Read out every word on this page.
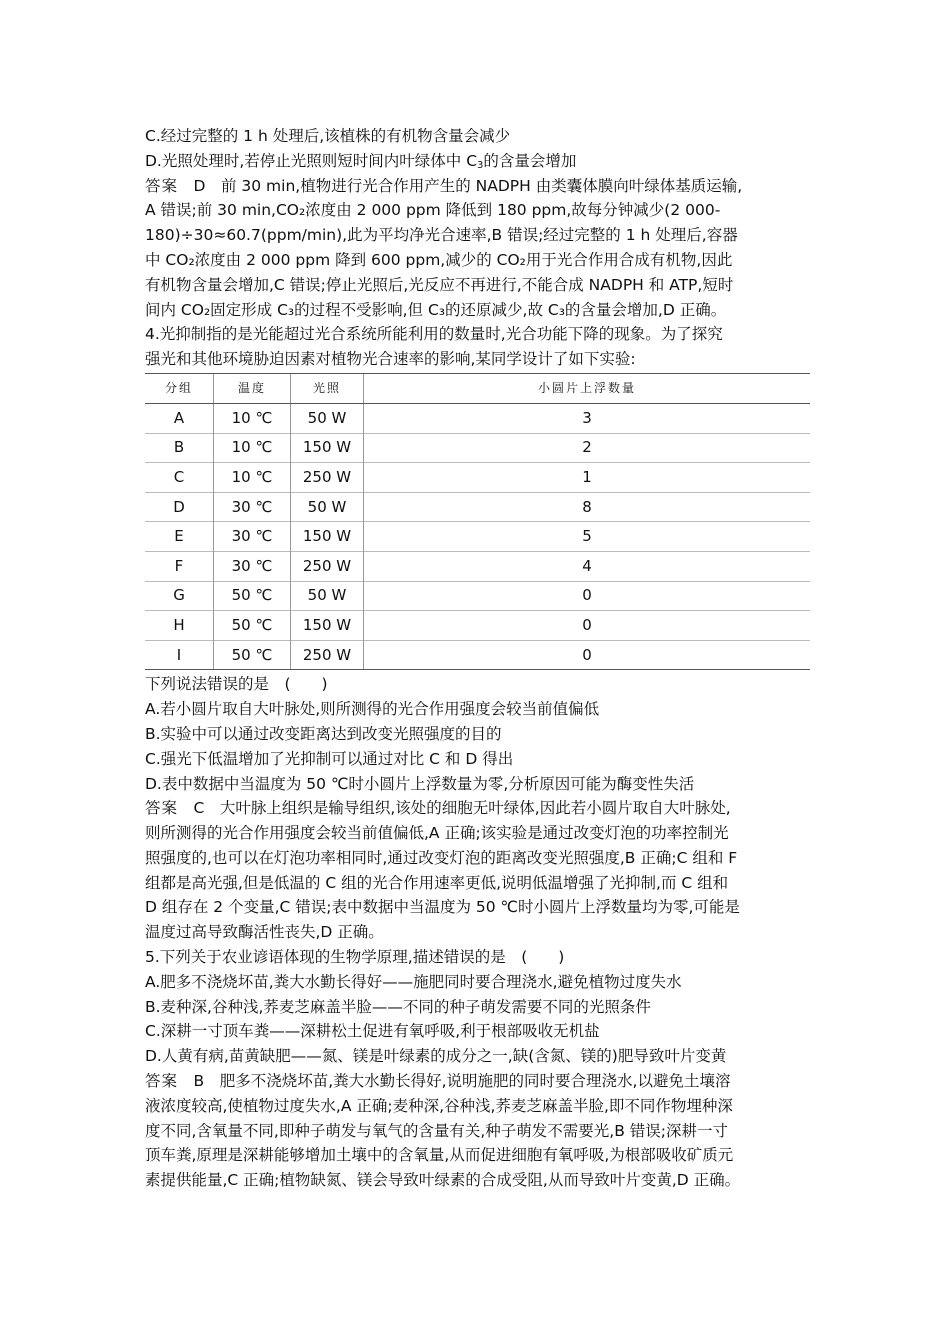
C.经过完整的 1 h 处理后,该植株的有机物含量会减少

D.光照处理时,若停止光照则短时间内叶绿体中 $C_3$的含量会增加

答案　 D　 前 30 min,植物进行光合作用产生的 NADPH 由类囊体膜向叶绿体基质运输,

A 错误;前 30 min,CO₂浓度由 2 000 ppm 降低到 180 ppm,故每分钟减少(2 000-

180)÷30≈60.7(ppm/min),此为平均净光合速率,B 错误;经过完整的 1 h 处理后,容器

中 CO₂浓度由 2 000 ppm 降到 600 ppm,减少的 CO₂用于光合作用合成有机物,因此

有机物含量会增加,C 错误;停止光照后,光反应不再进行,不能合成 NADPH 和 ATP,短时

间内 CO₂固定形成 C₃的过程不受影响,但 C₃的还原减少,故 C₃的含量会增加,D 正确。

4.光抑制指的是光能超过光合系统所能利用的数量时,光合功能下降的现象。为了探究

强光和其他环境胁迫因素对植物光合速率的影响,某同学设计了如下实验:

分组	温度	光照	小圆片上浮数量
A	10 ℃	50 W	3
B	10 ℃	150 W	2
C	10 ℃	250 W	1
D	30 ℃	50 W	8
E	30 ℃	150 W	5
F	30 ℃	250 W	4
G	50 ℃	50 W	0
H	50 ℃	150 W	0
I	50 ℃	250 W	0

下列说法错误的是　(　　)

A.若小圆片取自大叶脉处,则所测得的光合作用强度会较当前值偏低

B.实验中可以通过改变距离达到改变光照强度的目的

C.强光下低温增加了光抑制可以通过对比 C 和 D 得出

D.表中数据中当温度为 50 ℃时小圆片上浮数量为零,分析原因可能为酶变性失活

答案　 C　 大叶脉上组织是输导组织,该处的细胞无叶绿体,因此若小圆片取自大叶脉处,

则所测得的光合作用强度会较当前值偏低,A 正确;该实验是通过改变灯泡的功率控制光

照强度的,也可以在灯泡功率相同时,通过改变灯泡的距离改变光照强度,B 正确;C 组和 F

组都是高光强,但是低温的 C 组的光合作用速率更低,说明低温增强了光抑制,而 C 组和

D 组存在 2 个变量,C 错误;表中数据中当温度为 50 ℃时小圆片上浮数量均为零,可能是

温度过高导致酶活性丧失,D 正确。

5.下列关于农业谚语体现的生物学原理,描述错误的是　(　　)

A.肥多不浇烧坏苗,粪大水勤长得好——施肥同时要合理浇水,避免植物过度失水

B.麦种深,谷种浅,荞麦芝麻盖半脸——不同的种子萌发需要不同的光照条件

C.深耕一寸顶车粪——深耕松土促进有氧呼吸,利于根部吸收无机盐

D.人黄有病,苗黄缺肥——氮、镁是叶绿素的成分之一,缺(含氮、镁的)肥导致叶片变黄

答案　 B　 肥多不浇烧坏苗,粪大水勤长得好,说明施肥的同时要合理浇水,以避免土壤溶

液浓度较高,使植物过度失水,A 正确;麦种深,谷种浅,荞麦芝麻盖半脸,即不同作物埋种深

度不同,含氧量不同,即种子萌发与氧气的含量有关,种子萌发不需要光,B 错误;深耕一寸

顶车粪,原理是深耕能够增加土壤中的含氧量,从而促进细胞有氧呼吸,为根部吸收矿质元

素提供能量,C 正确;植物缺氮、镁会导致叶绿素的合成受阻,从而导致叶片变黄,D 正确。
